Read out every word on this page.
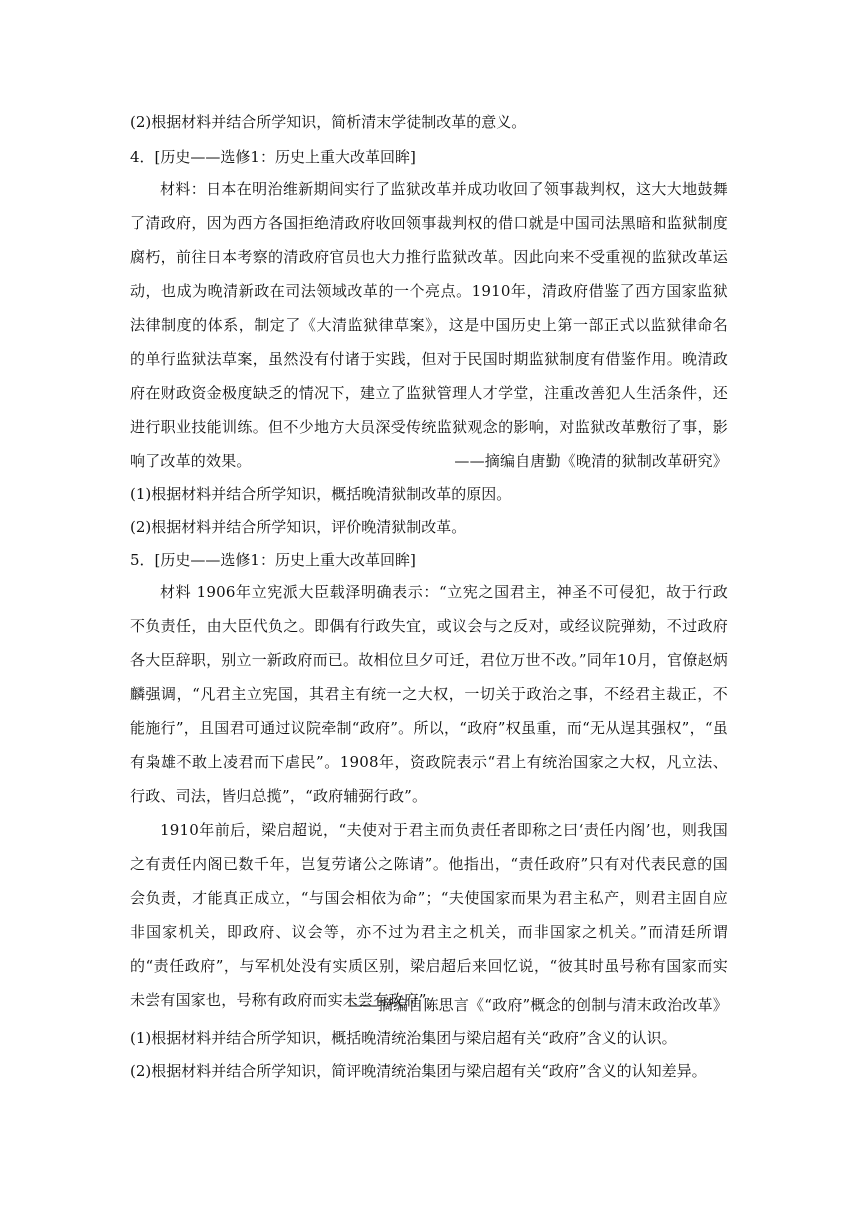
(2)根据材料并结合所学知识，简析清末学徒制改革的意义。
4．[历史——选修1：历史上重大改革回眸]
材料：日本在明治维新期间实行了监狱改革并成功收回了领事裁判权，这大大地鼓舞了清政府，因为西方各国拒绝清政府收回领事裁判权的借口就是中国司法黑暗和监狱制度腐朽，前往日本考察的清政府官员也大力推行监狱改革。因此向来不受重视的监狱改革运动，也成为晚清新政在司法领域改革的一个亮点。1910年，清政府借鉴了西方国家监狱法律制度的体系，制定了《大清监狱律草案》，这是中国历史上第一部正式以监狱律命名的单行监狱法草案，虽然没有付诸于实践，但对于民国时期监狱制度有借鉴作用。晚清政府在财政资金极度缺乏的情况下，建立了监狱管理人才学堂，注重改善犯人生活条件，还进行职业技能训练。但不少地方大员深受传统监狱观念的影响，对监狱改革敷衍了事，影响了改革的效果。	——摘编自唐勤《晚清的狱制改革研究》
(1)根据材料并结合所学知识，概括晚清狱制改革的原因。
(2)根据材料并结合所学知识，评价晚清狱制改革。
5．[历史——选修1：历史上重大改革回眸]
材料 1906年立宪派大臣载泽明确表示：“立宪之国君主，神圣不可侵犯，故于行政不负责任，由大臣代负之。即偶有行政失宜，或议会与之反对，或经议院弹劾，不过政府各大臣辞职，别立一新政府而已。故相位旦夕可迁，君位万世不改。”同年10月，官僚赵炳麟强调，“凡君主立宪国，其君主有统一之大权，一切关于政治之事，不经君主裁正，不能施行”，且国君可通过议院牵制“政府”。所以，“政府”权虽重，而“无从逞其强权”，“虽有枭雄不敢上凌君而下虐民”。1908年，资政院表示“君上有统治国家之大权，凡立法、行政、司法，皆归总揽”，“政府辅弼行政”。
1910年前后，梁启超说，“夫使对于君主而负责任者即称之曰‘责任内阁’也，则我国之有责任内阁已数千年，岂复劳诸公之陈请”。他指出，“责任政府”只有对代表民意的国会负责，才能真正成立，“与国会相依为命”；“夫使国家而果为君主私产，则君主固自应非国家机关，即政府、议会等，亦不过为君主之机关，而非国家之机关。”而清廷所谓的“责任政府”，与军机处没有实质区别，梁启超后来回忆说，“彼其时虽号称有国家而实未尝有国家也，号称有政府而实未尝有政府”。
——摘编自陈思言《“政府”概念的创制与清末政治改革》
(1)根据材料并结合所学知识，概括晚清统治集团与梁启超有关“政府”含义的认识。
(2)根据材料并结合所学知识，简评晚清统治集团与梁启超有关“政府”含义的认知差异。
